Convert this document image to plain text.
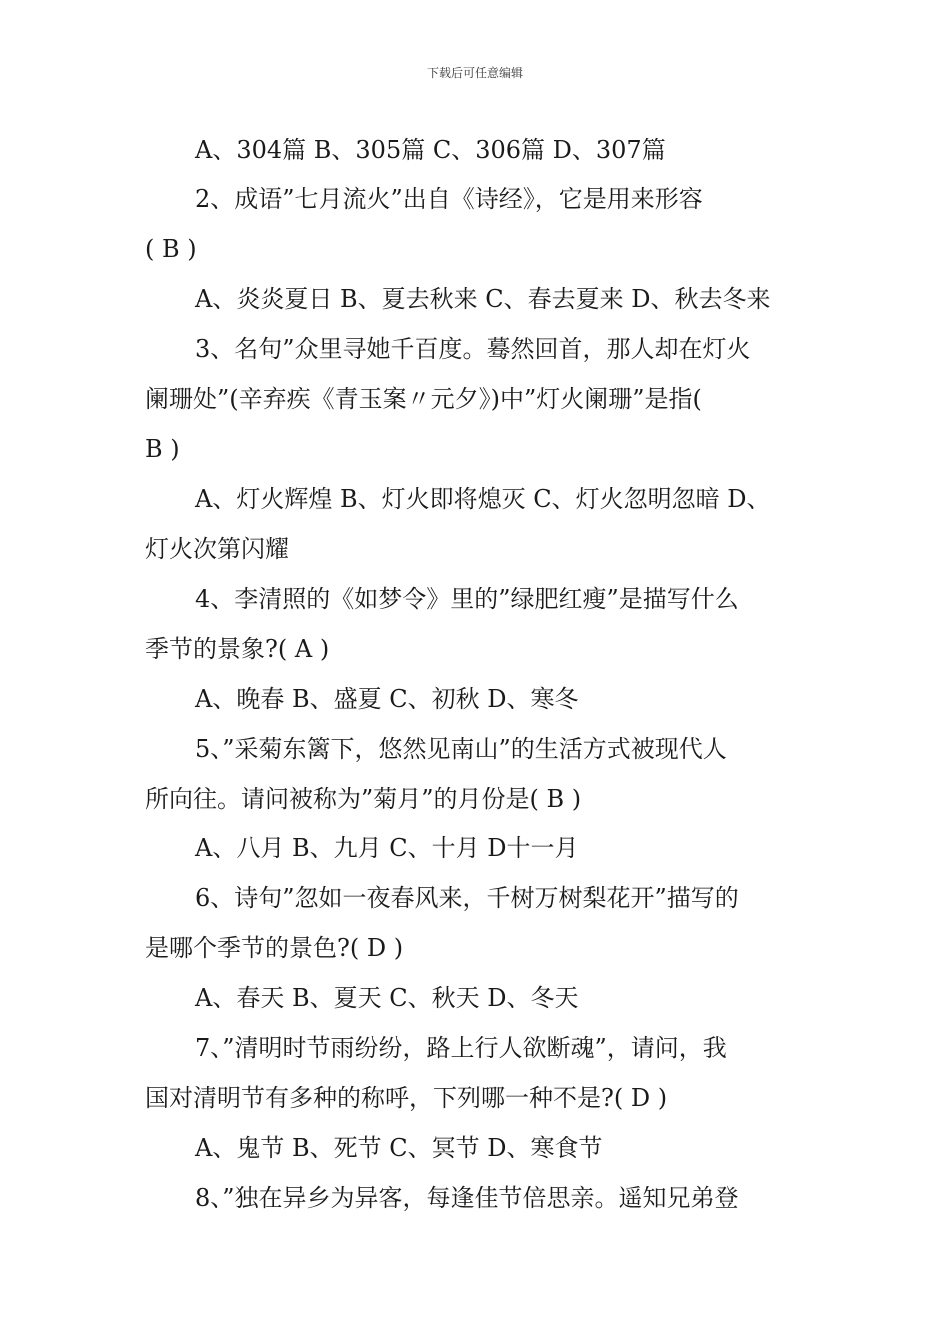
下载后可任意编辑
A、304篇 B、305篇 C、306篇 D、307篇
2、成语”七月流火”出自《诗经》，它是用来形容
( B )
A、炎炎夏日 B、夏去秋来 C、春去夏来 D、秋去冬来
3、名句”众里寻她千百度。蓦然回首，那人却在灯火
阑珊处”(辛弃疾《青玉案〃元夕》)中”灯火阑珊”是指(
B )
A、灯火辉煌 B、灯火即将熄灭 C、灯火忽明忽暗 D、
灯火次第闪耀
4、李清照的《如梦令》里的”绿肥红瘦”是描写什么
季节的景象?( A )
A、晚春 B、盛夏 C、初秋 D、寒冬
5、”采菊东篱下，悠然见南山”的生活方式被现代人
所向往。请问被称为”菊月”的月份是( B )
A、八月 B、九月 C、十月 D十一月
6、诗句”忽如一夜春风来，千树万树梨花开”描写的
是哪个季节的景色?( D )
A、春天 B、夏天 C、秋天 D、冬天
7、”清明时节雨纷纷，路上行人欲断魂”，请问，我
国对清明节有多种的称呼，下列哪一种不是?( D )
A、鬼节 B、死节 C、冥节 D、寒食节
8、”独在异乡为异客，每逢佳节倍思亲。遥知兄弟登
